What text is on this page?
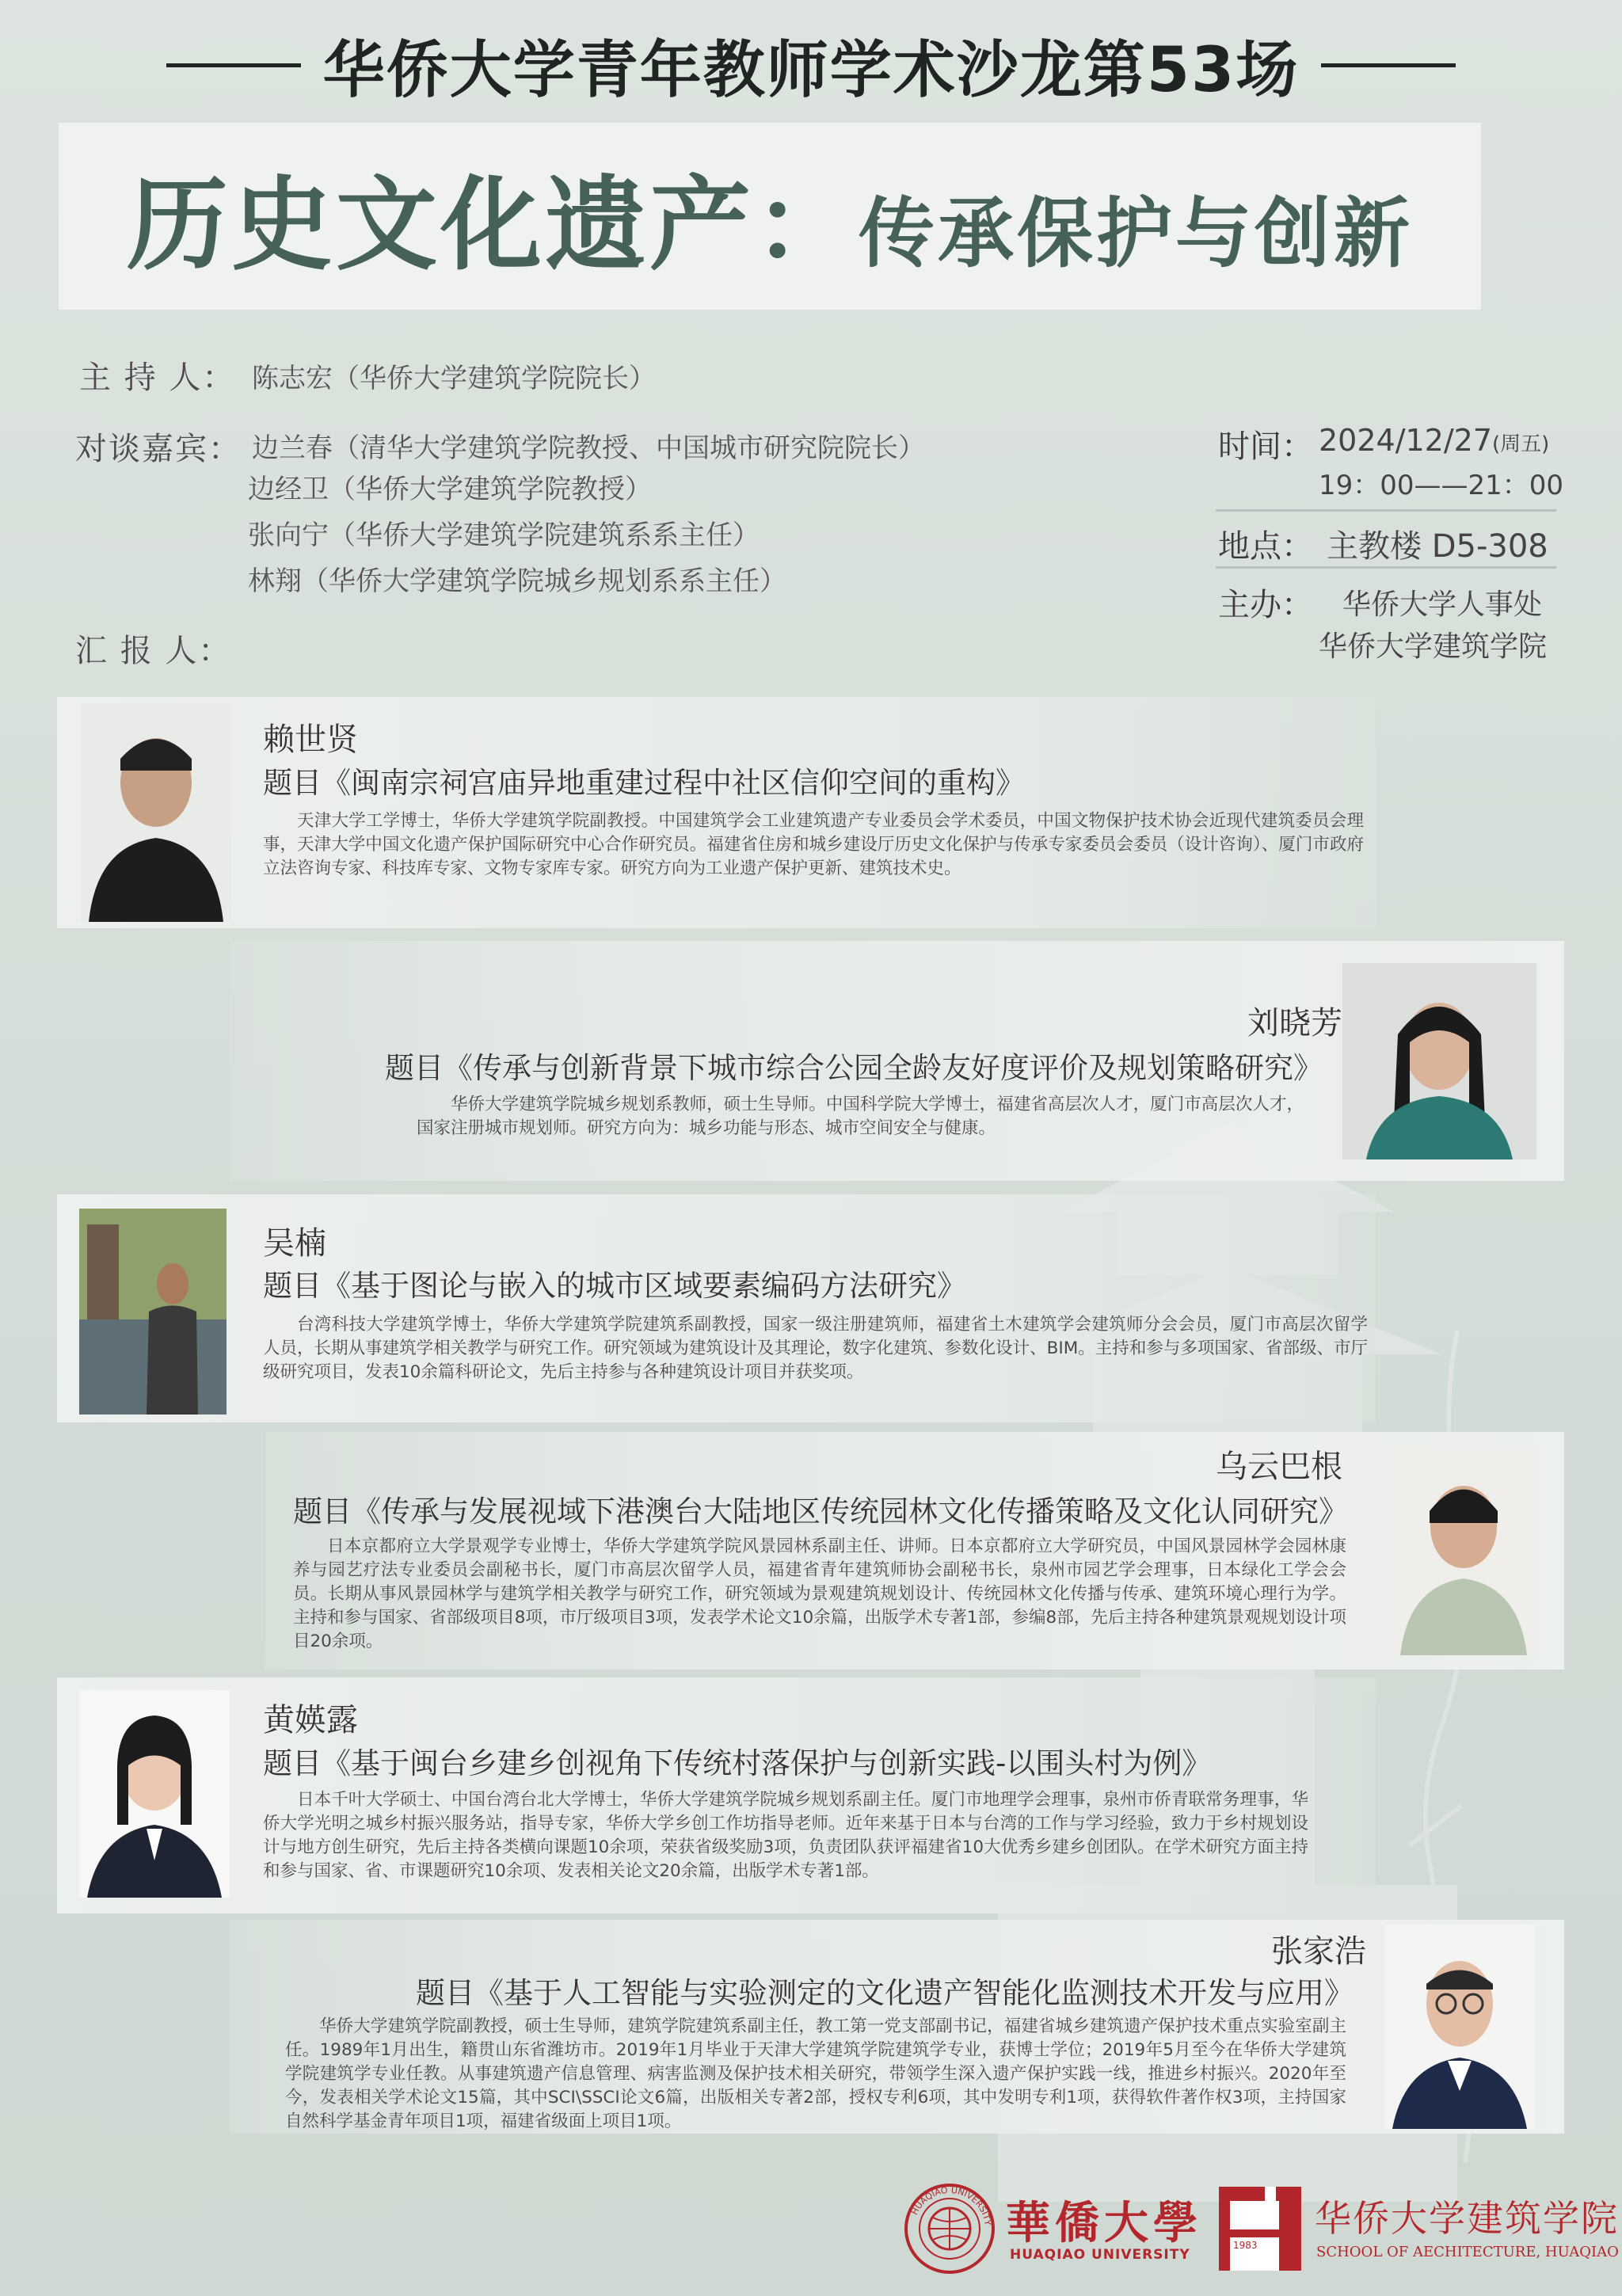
华侨大学青年教师学术沙龙第53场
历史文化遗产：传承保护与创新
主 持 人： 陈志宏（华侨大学建筑学院院长）
对谈嘉宾： 边兰春（清华大学建筑学院教授、中国城市研究院院长）
边经卫（华侨大学建筑学院教授）
张向宁（华侨大学建筑学院建筑系系主任）
林翔（华侨大学建筑学院城乡规划系系主任）
汇 报 人：
时间： 2024/12/27(周五)
19：00——21：00
地点： 主教楼 D5-308
主办： 华侨大学人事处
华侨大学建筑学院
赖世贤
题目《闽南宗祠宫庙异地重建过程中社区信仰空间的重构》
天津大学工学博士，华侨大学建筑学院副教授。中国建筑学会工业建筑遗产专业委员会学术委员，中国文物保护技术协会近现代建筑委员会理事，天津大学中国文化遗产保护国际研究中心合作研究员。福建省住房和城乡建设厅历史文化保护与传承专家委员会委员（设计咨询）、厦门市政府立法咨询专家、科技库专家、文物专家库专家。研究方向为工业遗产保护更新、建筑技术史。
刘晓芳
题目《传承与创新背景下城市综合公园全龄友好度评价及规划策略研究》
华侨大学建筑学院城乡规划系教师，硕士生导师。中国科学院大学博士，福建省高层次人才，厦门市高层次人才，国家注册城市规划师。研究方向为：城乡功能与形态、城市空间安全与健康。
吴楠
题目《基于图论与嵌入的城市区域要素编码方法研究》
台湾科技大学建筑学博士，华侨大学建筑学院建筑系副教授，国家一级注册建筑师，福建省土木建筑学会建筑师分会会员，厦门市高层次留学人员，长期从事建筑学相关教学与研究工作。研究领域为建筑设计及其理论，数字化建筑、参数化设计、BIM。主持和参与多项国家、省部级、市厅级研究项目，发表10余篇科研论文，先后主持参与各种建筑设计项目并获奖项。
乌云巴根
题目《传承与发展视域下港澳台大陆地区传统园林文化传播策略及文化认同研究》
日本京都府立大学景观学专业博士，华侨大学建筑学院风景园林系副主任、讲师。日本京都府立大学研究员，中国风景园林学会园林康养与园艺疗法专业委员会副秘书长，厦门市高层次留学人员，福建省青年建筑师协会副秘书长，泉州市园艺学会理事，日本绿化工学会会员。长期从事风景园林学与建筑学相关教学与研究工作，研究领域为景观建筑规划设计、传统园林文化传播与传承、建筑环境心理行为学。主持和参与国家、省部级项目8项，市厅级项目3项，发表学术论文10余篇，出版学术专著1部，参编8部，先后主持各种建筑景观规划设计项目20余项。
黄媖露
题目《基于闽台乡建乡创视角下传统村落保护与创新实践-以围头村为例》
日本千叶大学硕士、中国台湾台北大学博士，华侨大学建筑学院城乡规划系副主任。厦门市地理学会理事，泉州市侨青联常务理事，华侨大学光明之城乡村振兴服务站，指导专家，华侨大学乡创工作坊指导老师。近年来基于日本与台湾的工作与学习经验，致力于乡村规划设计与地方创生研究，先后主持各类横向课题10余项，荣获省级奖励3项，负责团队获评福建省10大优秀乡建乡创团队。在学术研究方面主持和参与国家、省、市课题研究10余项、发表相关论文20余篇，出版学术专著1部。
张家浩
题目《基于人工智能与实验测定的文化遗产智能化监测技术开发与应用》
华侨大学建筑学院副教授，硕士生导师，建筑学院建筑系副主任，教工第一党支部副书记，福建省城乡建筑遗产保护技术重点实验室副主任。1989年1月出生，籍贯山东省潍坊市。2019年1月毕业于天津大学建筑学院建筑学专业，获博士学位；2019年5月至今在华侨大学建筑学院建筑学专业任教。从事建筑遗产信息管理、病害监测及保护技术相关研究，带领学生深入遗产保护实践一线，推进乡村振兴。2020年至今，发表相关学术论文15篇，其中SCI\SSCI论文6篇，出版相关专著2部，授权专利6项，其中发明专利1项，获得软件著作权3项，主持国家自然科学基金青年项目1项，福建省级面上项目1项。
HUAQIAO UNIVERSITY 華僑大學
HUAQIAO UNIVERSITY
1983
华侨大学建筑学院
SCHOOL OF AECHITECTURE, HUAQIAO
